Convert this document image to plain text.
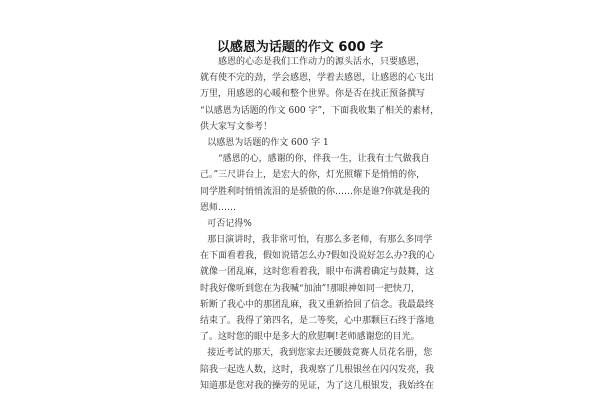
以感恩为话题的作文 600 字
感恩的心态是我们工作动力的源头活水，只要感恩，
就有使不完的劲，学会感恩，学着去感恩，让感恩的心飞出
万里，用感恩的心暖和整个世界。你是否在找正预备撰写
“以感恩为话题的作文 600 字”，下面我收集了相关的素材，
供大家写文参考！
以感恩为话题的作文 600 字 1
“感恩的心，感谢的你，伴我一生，让我有士气做我自
己。”三尺讲台上，是宏大的你，灯光照耀下是悄悄的你，
同学胜利时悄悄流泪的是骄傲的你……你是谁?你就是我的
恩师……
可否记得%
那日演讲时，我非常可怕，有那么多老师，有那么多同学
在下面看着我，假如说错怎么办?假如没说好怎么办?我的心
就像一团乱麻，这时您看着我，眼中布满着确定与鼓舞，这
时我好像听到您在为我喊“加油”!那眼神如同一把快刀，
斩断了我心中的那团乱麻，我又重新拾回了信念。我最最终
结束了。我得了第四名，是二等奖，心中那颗巨石终于落地
了。这时您的眼中是多大的欣慰啊!老师感谢您的目光。
接近考试的那天，我到您家去还腰鼓竟赛人员花名册，您
陪我一起选人数，这时，我观察了几根银丝在闪闪发亮，我
知道那是您对我的操劳的见证，为了这几根银发，我始终在
